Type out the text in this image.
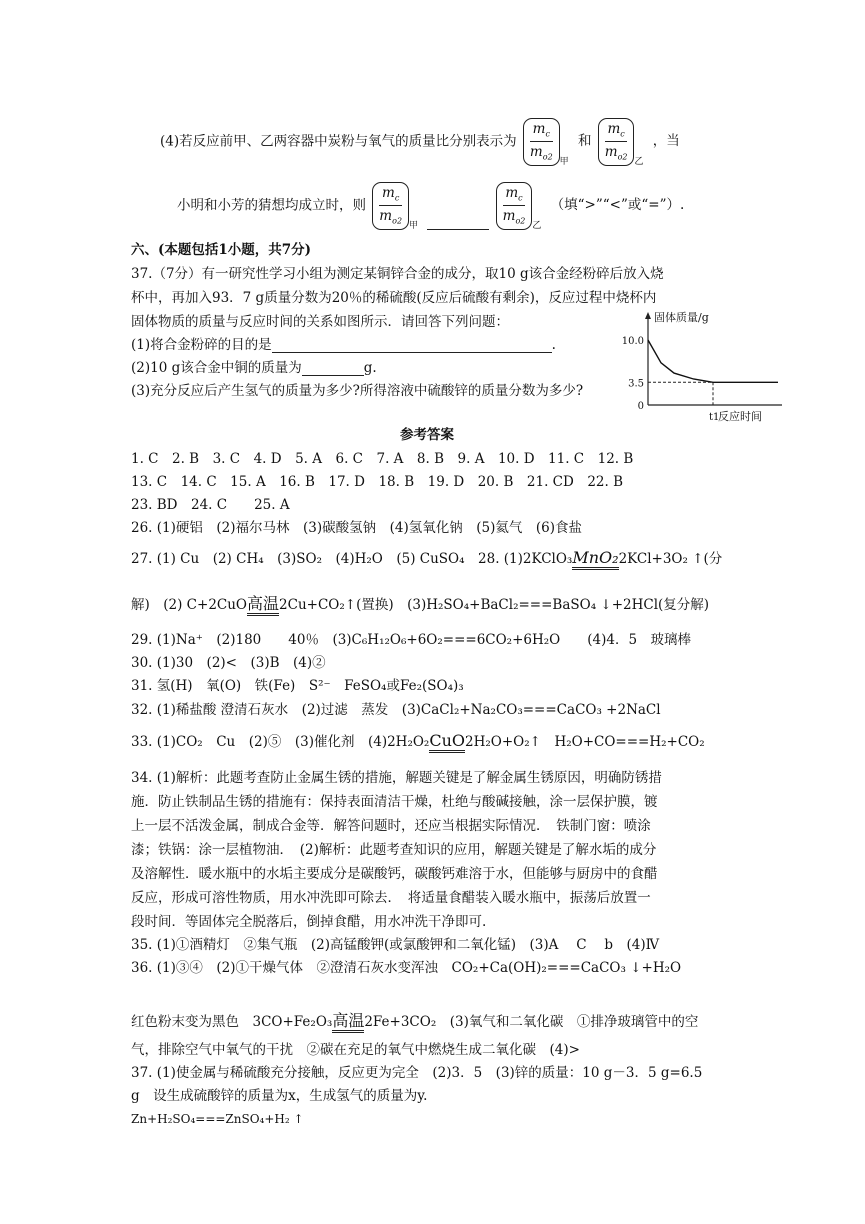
(4)若反应前甲、乙两容器中炭粉与氧气的质量比分别表示为 $\frac{m_c}{m_{o2}}$ 甲
和 $\frac{m_c}{m_{o2}}$ 乙
，当
小明和小芳的猜想均成立时，则 $\frac{m_c}{m_{o2}}$ 甲
	$\frac{m_c}{m_{o2}}$ 乙
（填“>”“<”或“=”）.
六、(本题包括1小题，共7分)
37.（7分）有一研究性学习小组为测定某铜锌合金的成分，取10 g该合金经粉碎后放入烧
杯中，再加入93．7 g质量分数为20％的稀硫酸(反应后硫酸有剩余)，反应过程中烧杯内
固体物质的质量与反应时间的关系如图所示．请回答下列问题：
(1)将合金粉碎的目的是	.
(2)10 g该合金中铜的质量为	g.
(3)充分反应后产生氢气的质量为多少?所得溶液中硫酸锌的质量分数为多少?
固体质量/g
反应时间
10.0
3.5
0
t1
参考答案
1. C　2. B　3. C　4. D　5. A　6. C　7. A　8. B　9. A　10. D　11. C　12. B
13. C　14. C　15. A　16. B　17. D　18. B　19. D　20. B　21. CD　22. B
23. BD　24. C　　25. A
26. (1)硬铝　(2)福尔马林　(3)碳酸氢钠　(4)氢氧化钠　(5)氦气　(6)食盐
27. (1) Cu　(2) CH₄　(3)SO₂　(4)H₂O　(5) CuSO₄　28. (1)2KClO₃MnO₂2KCl+3O₂ ↑(分
解)　(2) C+2CuO高温2Cu+CO₂↑(置换)　(3)H₂SO₄+BaCl₂===BaSO₄ ↓+2HCl(复分解)
29. (1)Na⁺　(2)180　　40％　(3)C₆H₁₂O₆+6O₂===6CO₂+6H₂O　　(4)4．5　玻璃棒
30. (1)30　(2)<　(3)B　(4)②
31. 氢(H)　氧(O)　铁(Fe)　S²⁻　FeSO₄或Fe₂(SO₄)₃
32. (1)稀盐酸 澄清石灰水　(2)过滤　蒸发　(3)CaCl₂+Na₂CO₃===CaCO₃ +2NaCl
33. (1)CO₂　Cu　(2)⑤　(3)催化剂　(4)2H₂O₂CuO2H₂O+O₂↑　H₂O+CO===H₂+CO₂
34. (1)解析：此题考查防止金属生锈的措施，解题关键是了解金属生锈原因，明确防锈措
施．防止铁制品生锈的措施有：保持表面清洁干燥，杜绝与酸碱接触，涂一层保护膜，镀
上一层不活泼金属，制成合金等．解答问题时，还应当根据实际情况．　铁制门窗：喷涂
漆；铁锅：涂一层植物油．　(2)解析：此题考查知识的应用，解题关键是了解水垢的成分
及溶解性．暖水瓶中的水垢主要成分是碳酸钙，碳酸钙难溶于水，但能够与厨房中的食醋
反应，形成可溶性物质，用水冲洗即可除去．　将适量食醋装入暖水瓶中，振荡后放置一
段时间．等固体完全脱落后，倒掉食醋，用水冲洗干净即可.
35. (1)①酒精灯　②集气瓶　(2)高锰酸钾(或氯酸钾和二氧化锰)　(3)A　 C　 b　(4)Ⅳ
36. (1)③④　(2)①干燥气体　②澄清石灰水变浑浊　CO₂+Ca(OH)₂===CaCO₃ ↓+H₂O
红色粉末变为黑色　3CO+Fe₂O₃高温2Fe+3CO₂　(3)氧气和二氧化碳　①排净玻璃管中的空
气，排除空气中氧气的干扰　②碳在充足的氧气中燃烧生成二氧化碳　(4)>
37. (1)使金属与稀硫酸充分接触，反应更为完全　(2)3．5　(3)锌的质量：10 g－3．5 g=6.5
g　设生成硫酸锌的质量为x，生成氢气的质量为y.
Zn+H₂SO₄===ZnSO₄+H₂ ↑
